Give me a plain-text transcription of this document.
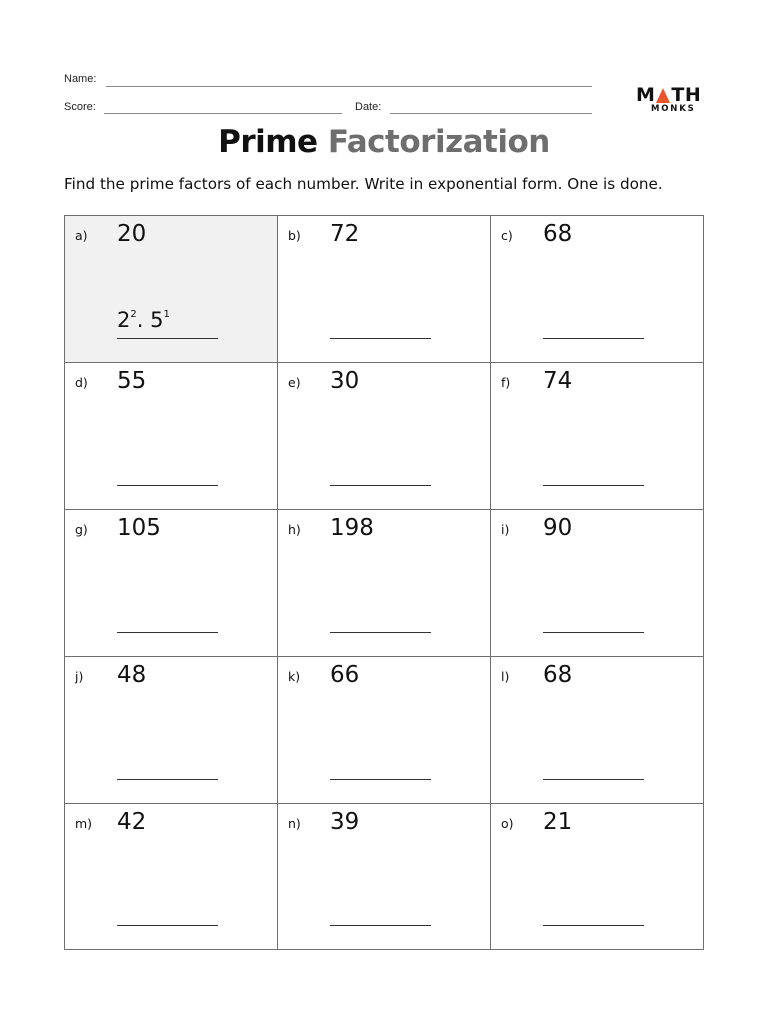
Name:
Score:	Date:
M TH
MONKS
Prime Factorization
Find the prime factors of each number. Write in exponential form. One is done.
a) 20
$2^2$. $5^1$
b) 72	c) 68
d) 55	e) 30	f) 74
g) 105	h) 198	i) 90
j) 48	k) 66	l) 68
m) 42	n) 39	o) 21
